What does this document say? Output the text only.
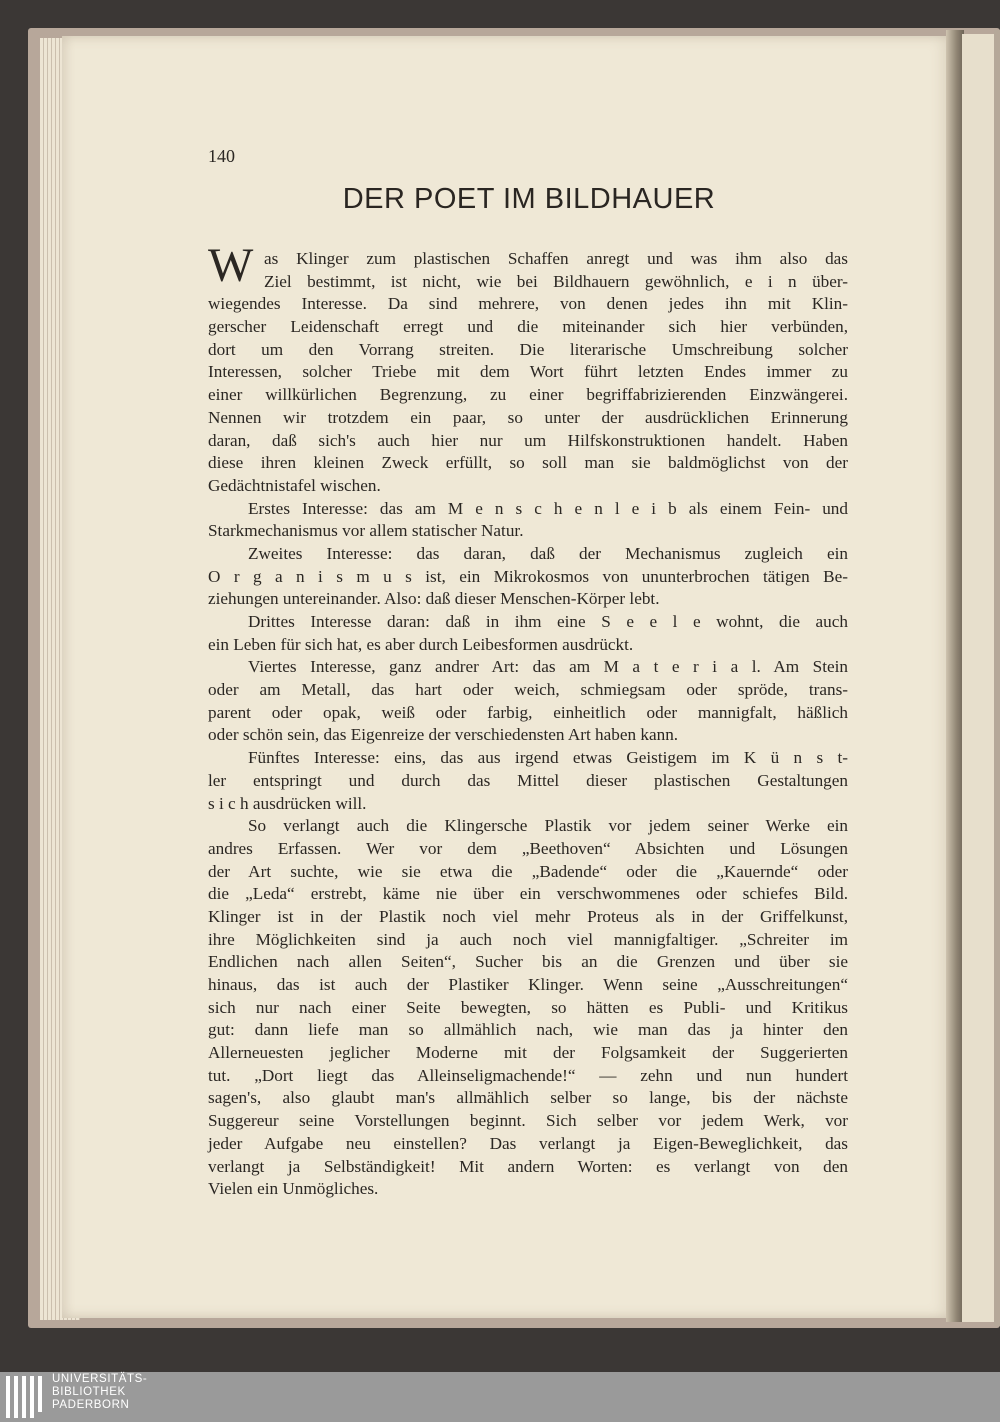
140
DER POET IM BILDHAUER
W as Klinger zum plastischen Schaffen anregt und was ihm also das
Ziel bestimmt, ist nicht, wie bei Bildhauern gewöhnlich, e i n über-
wiegendes Interesse. Da sind mehrere, von denen jedes ihn mit Klin-
gerscher Leidenschaft erregt und die miteinander sich hier verbünden,
dort um den Vorrang streiten. Die literarische Umschreibung solcher
Interessen, solcher Triebe mit dem Wort führt letzten Endes immer zu
einer willkürlichen Begrenzung, zu einer begriffabrizierenden Einzwängerei.
Nennen wir trotzdem ein paar, so unter der ausdrücklichen Erinnerung
daran, daß sich's auch hier nur um Hilfskonstruktionen handelt. Haben
diese ihren kleinen Zweck erfüllt, so soll man sie baldmöglichst von der
Gedächtnistafel wischen.
Erstes Interesse: das am M e n s c h e n l e i b als einem Fein- und
Starkmechanismus vor allem statischer Natur.
Zweites Interesse: das daran, daß der Mechanismus zugleich ein
O r g a n i s m u s ist, ein Mikrokosmos von ununterbrochen tätigen Be-
ziehungen untereinander. Also: daß dieser Menschen-Körper lebt.
Drittes Interesse daran: daß in ihm eine S e e l e wohnt, die auch
ein Leben für sich hat, es aber durch Leibesformen ausdrückt.
Viertes Interesse, ganz andrer Art: das am M a t e r i a l. Am Stein
oder am Metall, das hart oder weich, schmiegsam oder spröde, trans-
parent oder opak, weiß oder farbig, einheitlich oder mannigfalt, häßlich
oder schön sein, das Eigenreize der verschiedensten Art haben kann.
Fünftes Interesse: eins, das aus irgend etwas Geistigem im K ü n s t-
ler entspringt und durch das Mittel dieser plastischen Gestaltungen
s i c h ausdrücken will.
So verlangt auch die Klingersche Plastik vor jedem seiner Werke ein
andres Erfassen. Wer vor dem „Beethoven“ Absichten und Lösungen
der Art suchte, wie sie etwa die „Badende“ oder die „Kauernde“ oder
die „Leda“ erstrebt, käme nie über ein verschwommenes oder schiefes Bild.
Klinger ist in der Plastik noch viel mehr Proteus als in der Griffelkunst,
ihre Möglichkeiten sind ja auch noch viel mannigfaltiger. „Schreiter im
Endlichen nach allen Seiten“, Sucher bis an die Grenzen und über sie
hinaus, das ist auch der Plastiker Klinger. Wenn seine „Ausschreitungen“
sich nur nach einer Seite bewegten, so hätten es Publi- und Kritikus
gut: dann liefe man so allmählich nach, wie man das ja hinter den
Allerneuesten jeglicher Moderne mit der Folgsamkeit der Suggerierten
tut. „Dort liegt das Alleinseligmachende!“ — zehn und nun hundert
sagen's, also glaubt man's allmählich selber so lange, bis der nächste
Suggereur seine Vorstellungen beginnt. Sich selber vor jedem Werk, vor
jeder Aufgabe neu einstellen? Das verlangt ja Eigen-Beweglichkeit, das
verlangt ja Selbständigkeit! Mit andern Worten: es verlangt von den
Vielen ein Unmögliches.
UNIVERSITÄTS-
BIBLIOTHEK
PADERBORN
